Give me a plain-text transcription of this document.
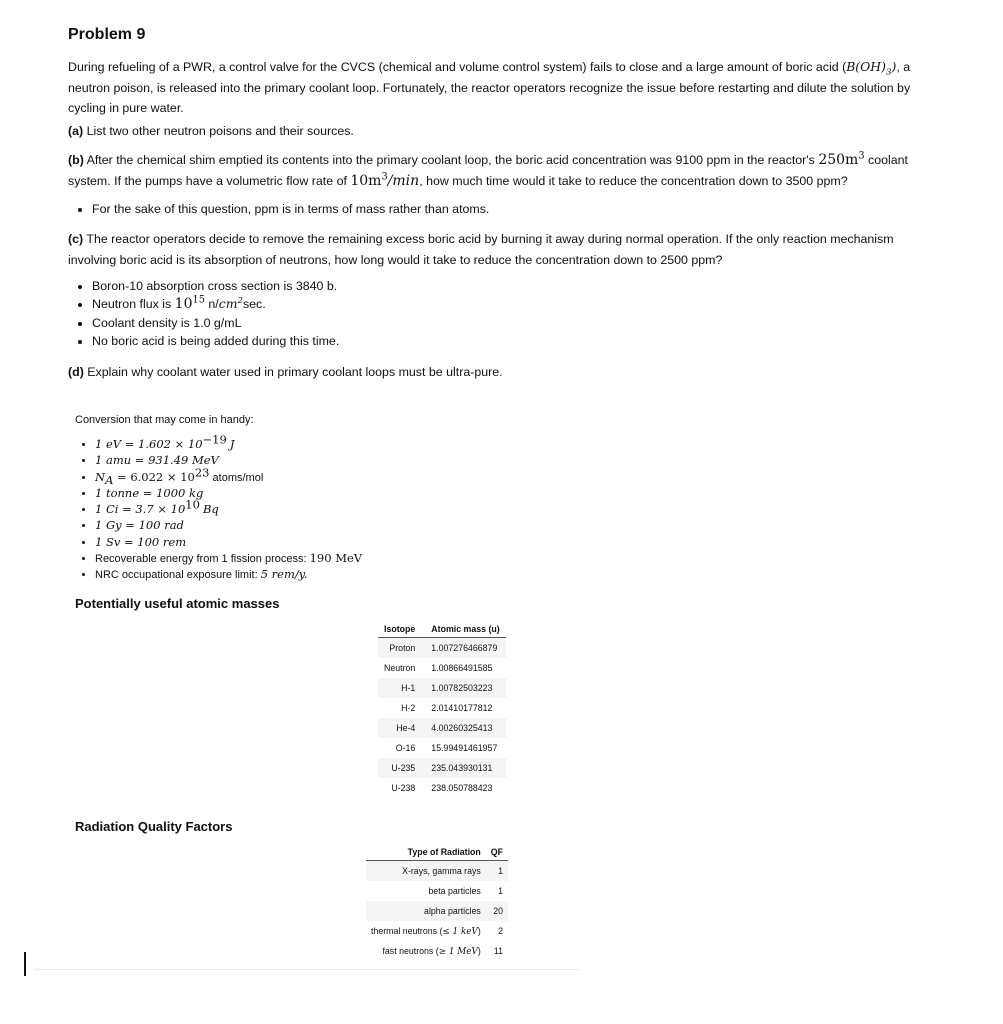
Problem 9

During refueling of a PWR, a control valve for the CVCS (chemical and volume control system) fails to close and a large amount of boric acid $(B(OH)_3)$, a neutron poison, is released into the primary coolant loop. Fortunately, the reactor operators recognize the issue before restarting and dilute the solution by cycling in pure water.

(a) List two other neutron poisons and their sources.

(b) After the chemical shim emptied its contents into the primary coolant loop, the boric acid concentration was 9100 ppm in the reactor's $250m^3$ coolant system. If the pumps have a volumetric flow rate of $10m^3/\min$, how much time would it take to reduce the concentration down to 3500 ppm?

• For the sake of this question, ppm is in terms of mass rather than atoms.

(c) The reactor operators decide to remove the remaining excess boric acid by burning it away during normal operation. If the only reaction mechanism involving boric acid is its absorption of neutrons, how long would it take to reduce the concentration down to 2500 ppm?

• Boron-10 absorption cross section is 3840 b.
• Neutron flux is $10^{15}$ $n/cm^2\sec$.
• Coolant density is 1.0 g/mL
• No boric acid is being added during this time.

(d) Explain why coolant water used in primary coolant loops must be ultra-pure.

Conversion that may come in handy:

• 1 eV = $1.602 \times 10^{-19}$ J
• 1 amu = 931.49 MeV
• $N_A = 6.022 \times 10^{23}$ atoms/mol
• 1 tonne = 1000 kg
• 1 $Ci = 3.7 \times 10^{10}$ Bq
• 1 Gy = 100 rad
• 1 Sv = 100 rem
• Recoverable energy from 1 fission process: 190 MeV
• NRC occupational exposure limit: 5 rem/y.
Potentially useful atomic masses
Isotope	Atomic mass (u)
Proton	1.007276466879
Neutron	1.00866491585
H-1	1.00782503223
H-2	2.01410177812
He-4	4.00260325413
O-16	15.99491461957
U-235	235.043930131
U-238	238.050788423
Radiation Quality Factors
Type of Radiation	QF
X-rays, gamma rays	1
beta particles	1
alpha particles	20
thermal neutrons (≤ 1 keV)	2
fast neutrons (≥ 1 MeV)	11
